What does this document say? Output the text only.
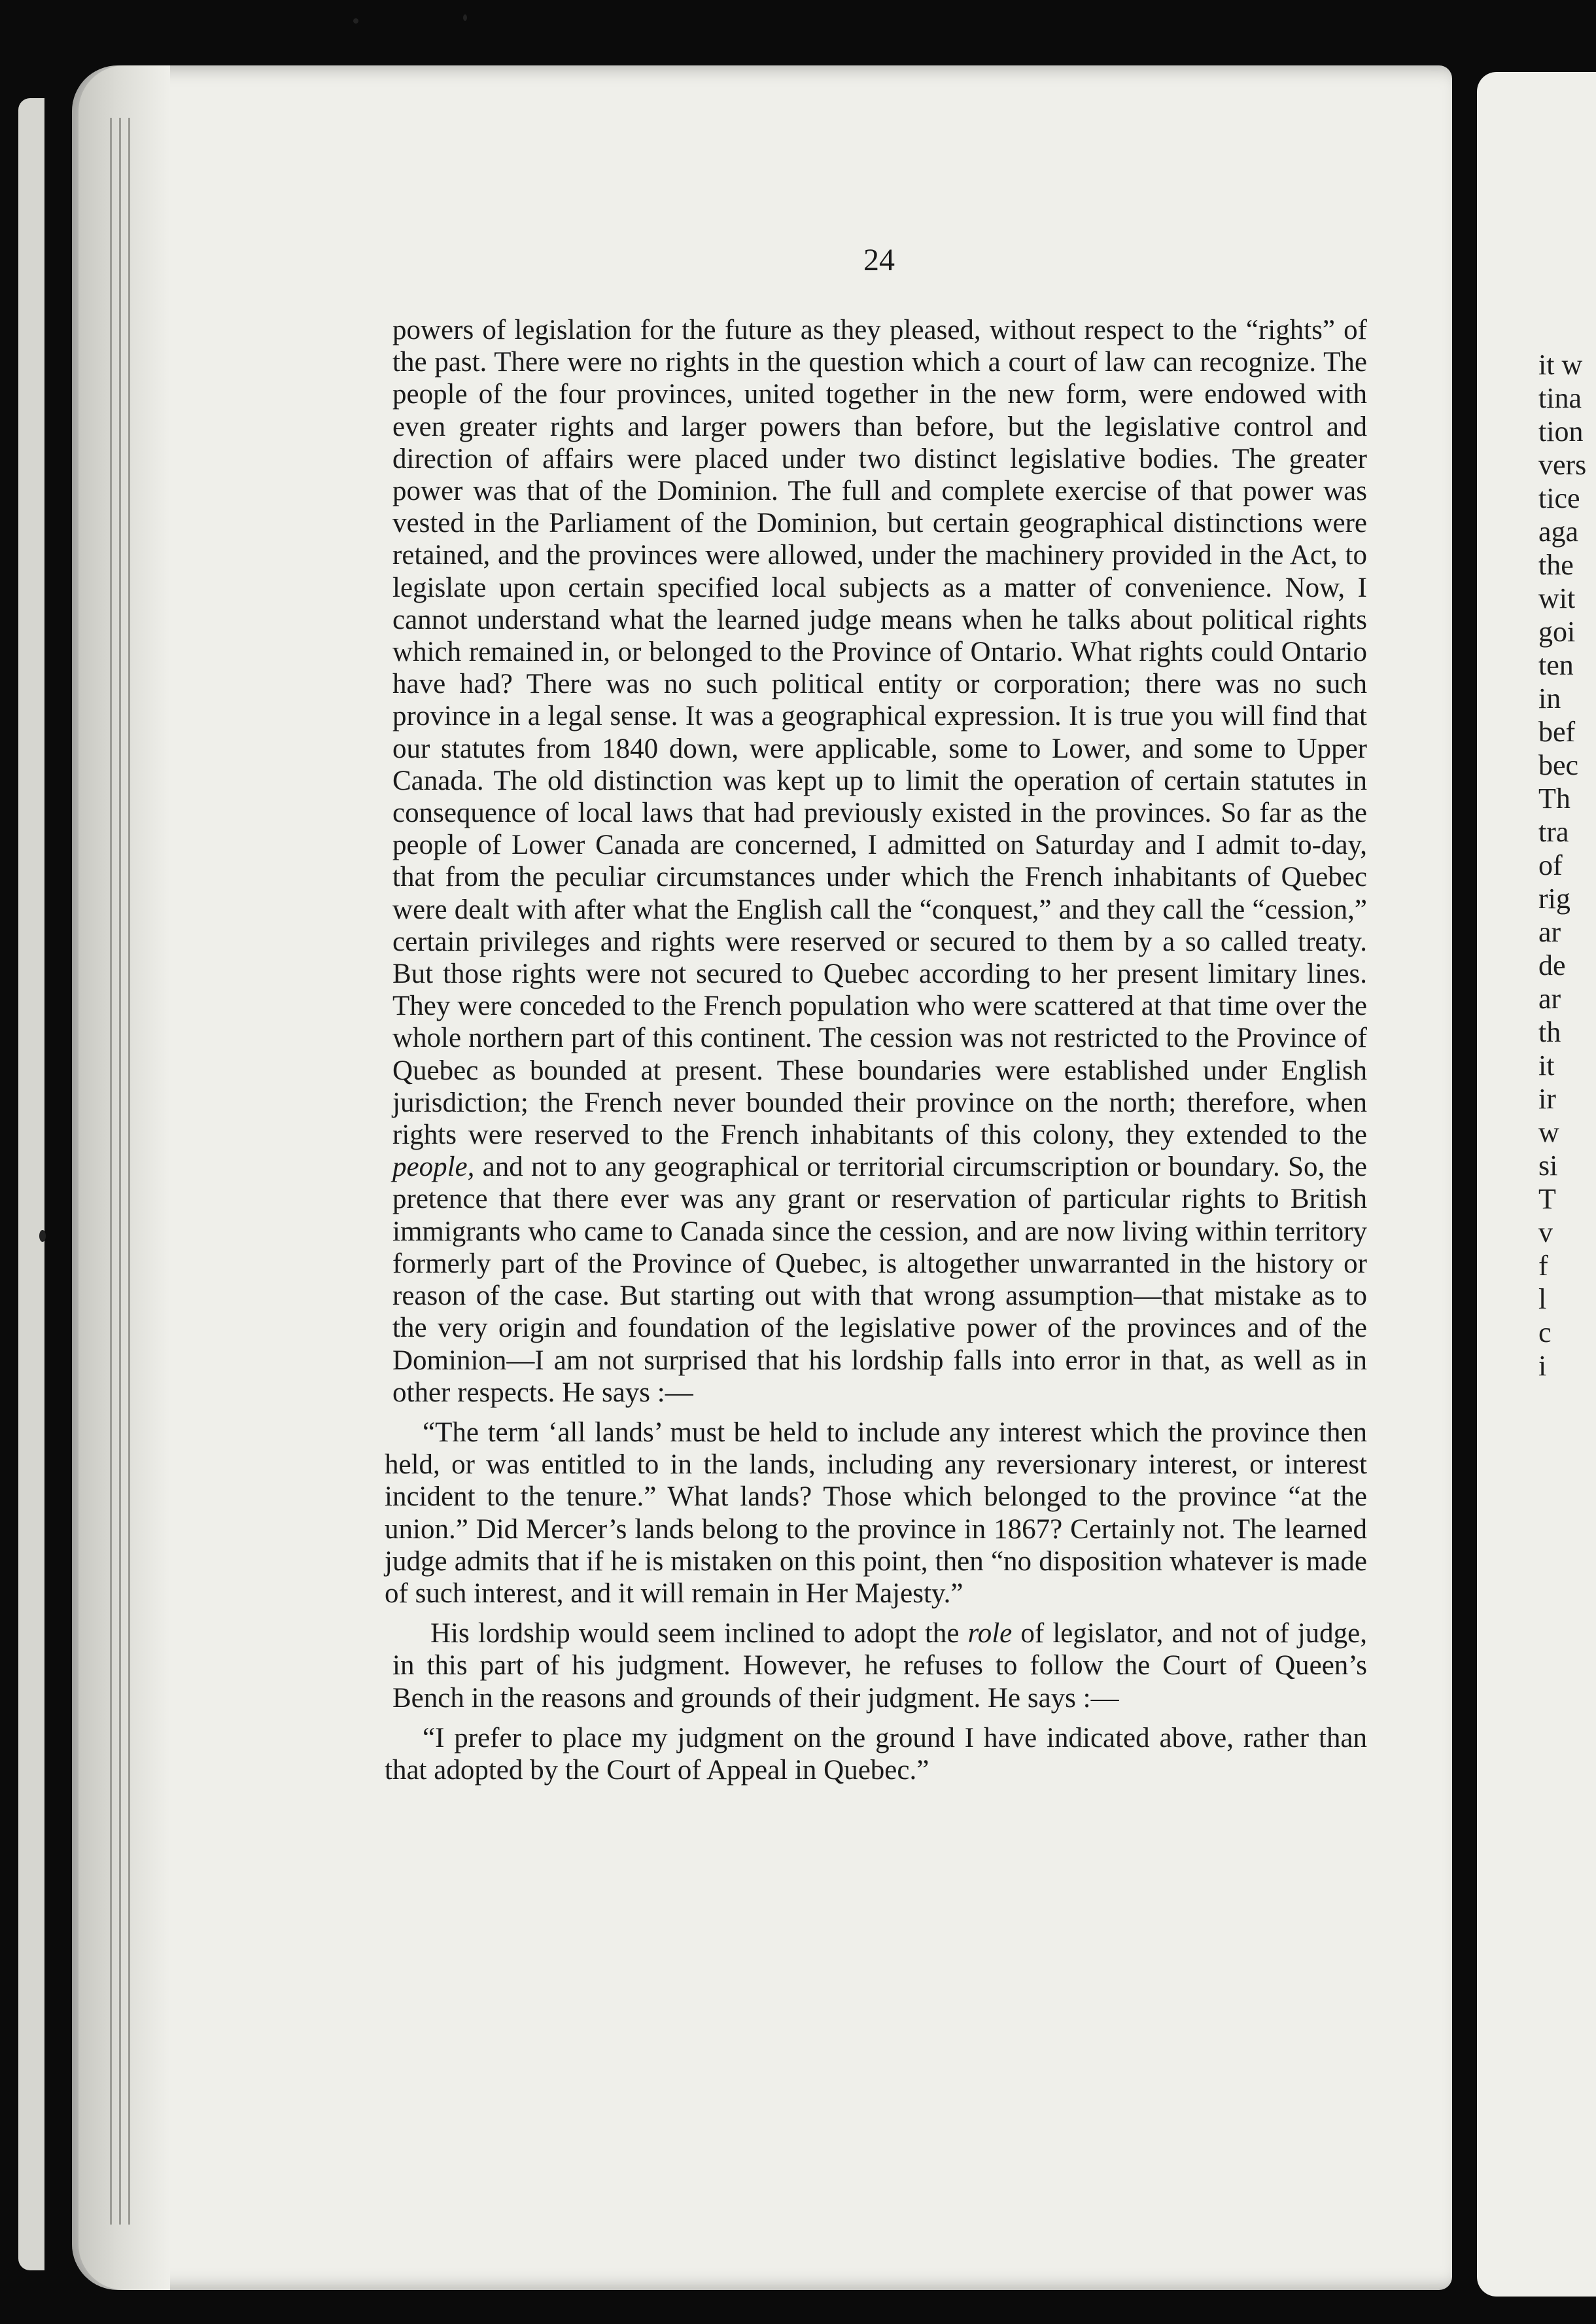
it w
tina
tion
vers
tice
aga
the
wit
goi
ten
in
bef
bec
Th
tra
of
rig
ar
de
ar
th
it
ir
w
si
T
v
f
l
c
i
24

powers of legislation for the future as they pleased, without respect to the “rights” of the past. There were no rights in the question which a court of law can recognize. The people of the four provinces, united together in the new form, were endowed with even greater rights and larger powers than before, but the legislative control and direction of affairs were placed under two distinct legislative bodies. The greater power was that of the Dominion. The full and complete exercise of that power was vested in the Parliament of the Dominion, but certain geographical distinctions were retained, and the provinces were allowed, under the machinery provided in the Act, to legislate upon certain specified local subjects as a matter of convenience. Now, I cannot understand what the learned judge means when he talks about political rights which remained in, or belonged to the Province of Ontario. What rights could Ontario have had? There was no such political entity or corporation; there was no such province in a legal sense. It was a geographical expression. It is true you will find that our statutes from 1840 down, were applicable, some to Lower, and some to Upper Canada. The old distinction was kept up to limit the operation of certain statutes in consequence of local laws that had previously existed in the provinces. So far as the people of Lower Canada are concerned, I admitted on Saturday and I admit to-day, that from the peculiar circumstances under which the French inhabitants of Quebec were dealt with after what the English call the “conquest,” and they call the “cession,” certain privileges and rights were reserved or secured to them by a so called treaty. But those rights were not secured to Quebec according to her present limitary lines. They were conceded to the French population who were scattered at that time over the whole northern part of this continent. The cession was not restricted to the Province of Quebec as bounded at present. These boundaries were established under English jurisdiction; the French never bounded their province on the north; therefore, when rights were reserved to the French inhabitants of this colony, they extended to the people, and not to any geographical or territorial circumscription or boundary. So, the pretence that there ever was any grant or reservation of particular rights to British immigrants who came to Canada since the cession, and are now living within territory formerly part of the Province of Quebec, is altogether unwarranted in the history or reason of the case. But starting out with that wrong assumption—that mistake as to the very origin and foundation of the legislative power of the provinces and of the Dominion—I am not surprised that his lordship falls into error in that, as well as in other respects. He says :—

“The term ‘all lands’ must be held to include any interest which the province then held, or was entitled to in the lands, including any reversionary interest, or interest incident to the tenure.” What lands? Those which belonged to the province “at the union.” Did Mercer’s lands belong to the province in 1867? Certainly not. The learned judge admits that if he is mistaken on this point, then “no disposition whatever is made of such interest, and it will remain in Her Majesty.”

His lordship would seem inclined to adopt the role of legislator, and not of judge, in this part of his judgment. However, he refuses to follow the Court of Queen’s Bench in the reasons and grounds of their judgment. He says :—

“I prefer to place my judgment on the ground I have indicated above, rather than that adopted by the Court of Appeal in Quebec.”
